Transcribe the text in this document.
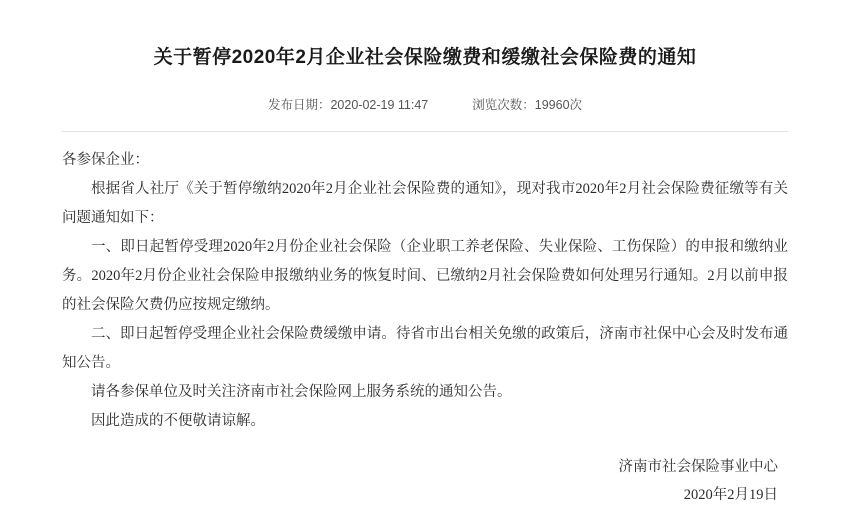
关于暂停2020年2月企业社会保险缴费和缓缴社会保险费的通知
发布日期：2020-02-19 11:47	浏览次数：19960次

各参保企业：

根据省人社厅《关于暂停缴纳2020年2月企业社会保险费的通知》，现对我市2020年2月社会保险费征缴等有关问题通知如下：

一、即日起暂停受理2020年2月份企业社会保险（企业职工养老保险、失业保险、工伤保险）的申报和缴纳业务。2020年2月份企业社会保险申报缴纳业务的恢复时间、已缴纳2月社会保险费如何处理另行通知。2月以前申报的社会保险欠费仍应按规定缴纳。

二、即日起暂停受理企业社会保险费缓缴申请。待省市出台相关免缴的政策后，济南市社保中心会及时发布通知公告。

请各参保单位及时关注济南市社会保险网上服务系统的通知公告。

因此造成的不便敬请谅解。

济南市社会保险事业中心
2020年2月19日
